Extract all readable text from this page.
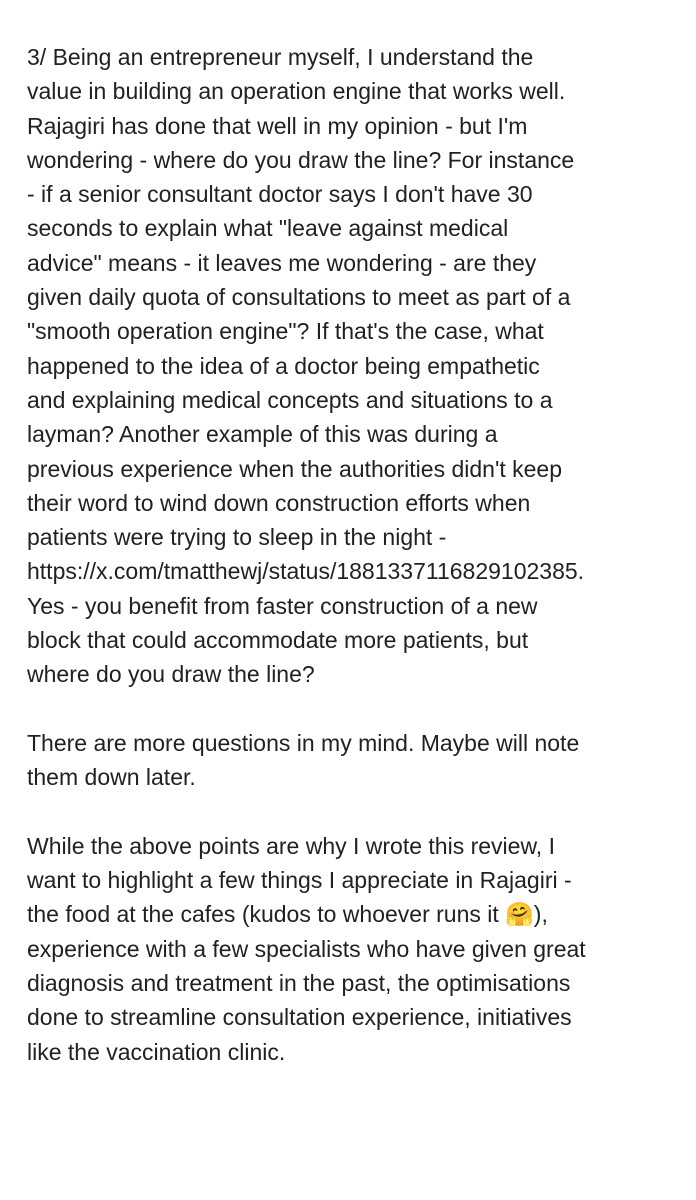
3/ Being an entrepreneur myself, I understand the
value in building an operation engine that works well.
Rajagiri has done that well in my opinion - but I'm
wondering - where do you draw the line? For instance
- if a senior consultant doctor says I don't have 30
seconds to explain what "leave against medical
advice" means - it leaves me wondering - are they
given daily quota of consultations to meet as part of a
"smooth operation engine"? If that's the case, what
happened to the idea of a doctor being empathetic
and explaining medical concepts and situations to a
layman? Another example of this was during a
previous experience when the authorities didn't keep
their word to wind down construction efforts when
patients were trying to sleep in the night -
https://x.com/tmatthewj/status/1881337116829102385.
Yes - you benefit from faster construction of a new
block that could accommodate more patients, but
where do you draw the line?

There are more questions in my mind. Maybe will note
them down later.

While the above points are why I wrote this review, I
want to highlight a few things I appreciate in Rajagiri -
the food at the cafes (kudos to whoever runs it 🤗),
experience with a few specialists who have given great
diagnosis and treatment in the past, the optimisations
done to streamline consultation experience, initiatives
like the vaccination clinic.
